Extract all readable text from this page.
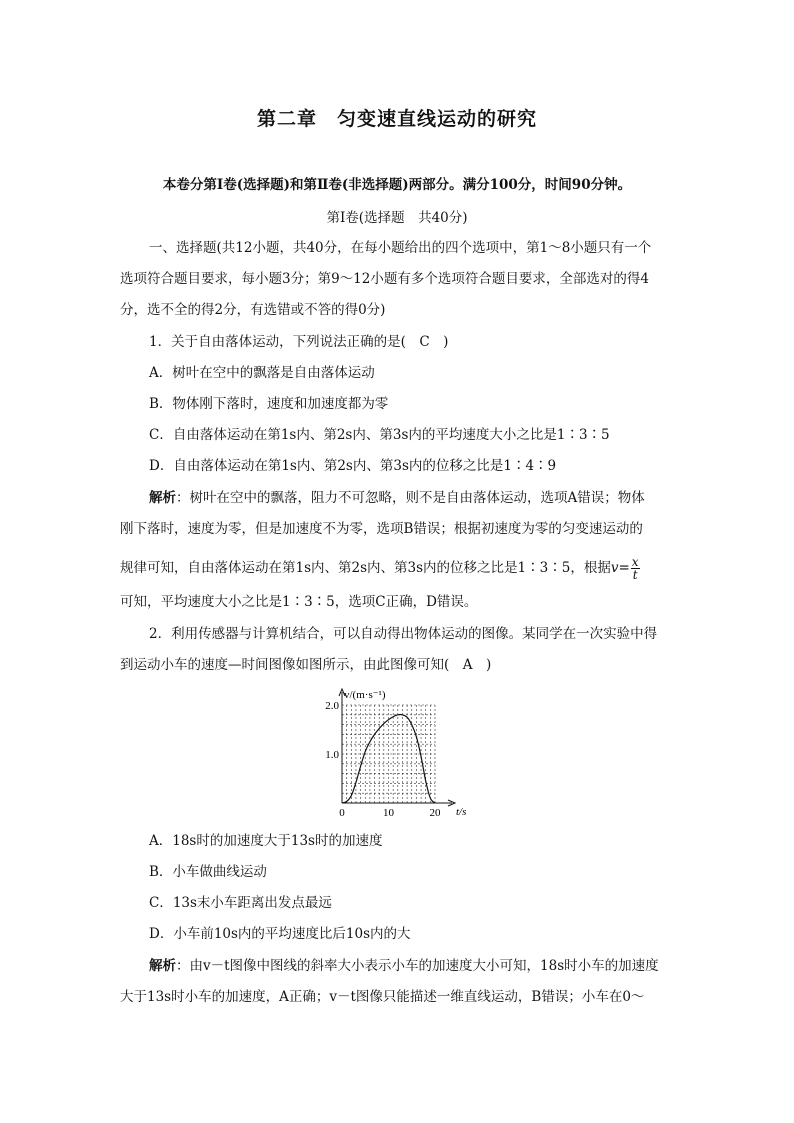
第二章　匀变速直线运动的研究
本卷分第Ⅰ卷(选择题)和第Ⅱ卷(非选择题)两部分。满分100分，时间90分钟。
第Ⅰ卷(选择题　共40分)
一、选择题(共12小题，共40分，在每小题给出的四个选项中，第1～8小题只有一个
选项符合题目要求，每小题3分；第9～12小题有多个选项符合题目要求，全部选对的得4
分，选不全的得2分，有选错或不答的得0分)
1．关于自由落体运动，下列说法正确的是(　C　)
A．树叶在空中的飘落是自由落体运动
B．物体刚下落时，速度和加速度都为零
C．自由落体运动在第1s内、第2s内、第3s内的平均速度大小之比是1∶3∶5
D．自由落体运动在第1s内、第2s内、第3s内的位移之比是1∶4∶9
解析：树叶在空中的飘落，阻力不可忽略，则不是自由落体运动，选项A错误；物体
刚下落时，速度为零，但是加速度不为零，选项B错误；根据初速度为零的匀变速运动的
规律可知，自由落体运动在第1s内、第2s内、第3s内的位移之比是1∶3∶5，根据$v= \frac{x}{t}$
可知，平均速度大小之比是1∶3∶5，选项C正确，D错误。
2．利用传感器与计算机结合，可以自动得出物体运动的图像。某同学在一次实验中得
到运动小车的速度—时间图像如图所示，由此图像可知(　A　)
v/(m·s⁻¹)
t/s
1.0
2.0
0	10	20
A．18s时的加速度大于13s时的加速度
B．小车做曲线运动
C．13s末小车距离出发点最远
D．小车前10s内的平均速度比后10s内的大
解析：由v－t图像中图线的斜率大小表示小车的加速度大小可知，18s时小车的加速度
大于13s时小车的加速度，A正确；v－t图像只能描述一维直线运动，B错误；小车在0～
